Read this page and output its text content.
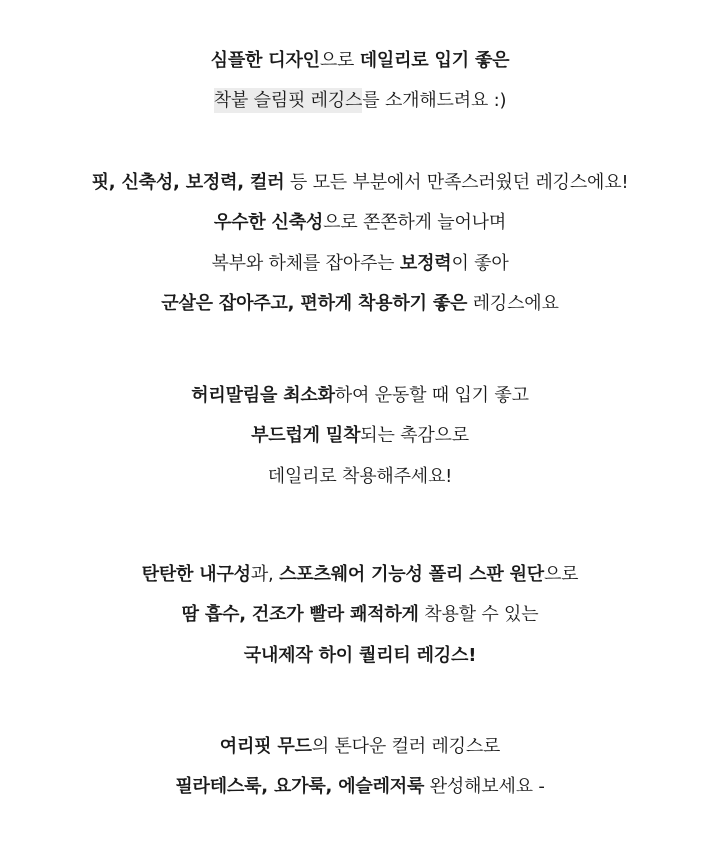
심플한 디자인으로 데일리로 입기 좋은
착붙 슬림핏 레깅스를 소개해드려요 :)
핏, 신축성, 보정력, 컬러 등 모든 부분에서 만족스러웠던 레깅스에요!
우수한 신축성으로 쫀쫀하게 늘어나며
복부와 하체를 잡아주는 보정력이 좋아
군살은 잡아주고, 편하게 착용하기 좋은 레깅스에요
허리말림을 최소화하여 운동할 때 입기 좋고
부드럽게 밀착되는 촉감으로
데일리로 착용해주세요!
탄탄한 내구성과, 스포츠웨어 기능성 폴리 스판 원단으로
땀 흡수, 건조가 빨라 쾌적하게 착용할 수 있는
국내제작 하이 퀄리티 레깅스!
여리핏 무드의 톤다운 컬러 레깅스로
필라테스룩, 요가룩, 에슬레저룩 완성해보세요 -
